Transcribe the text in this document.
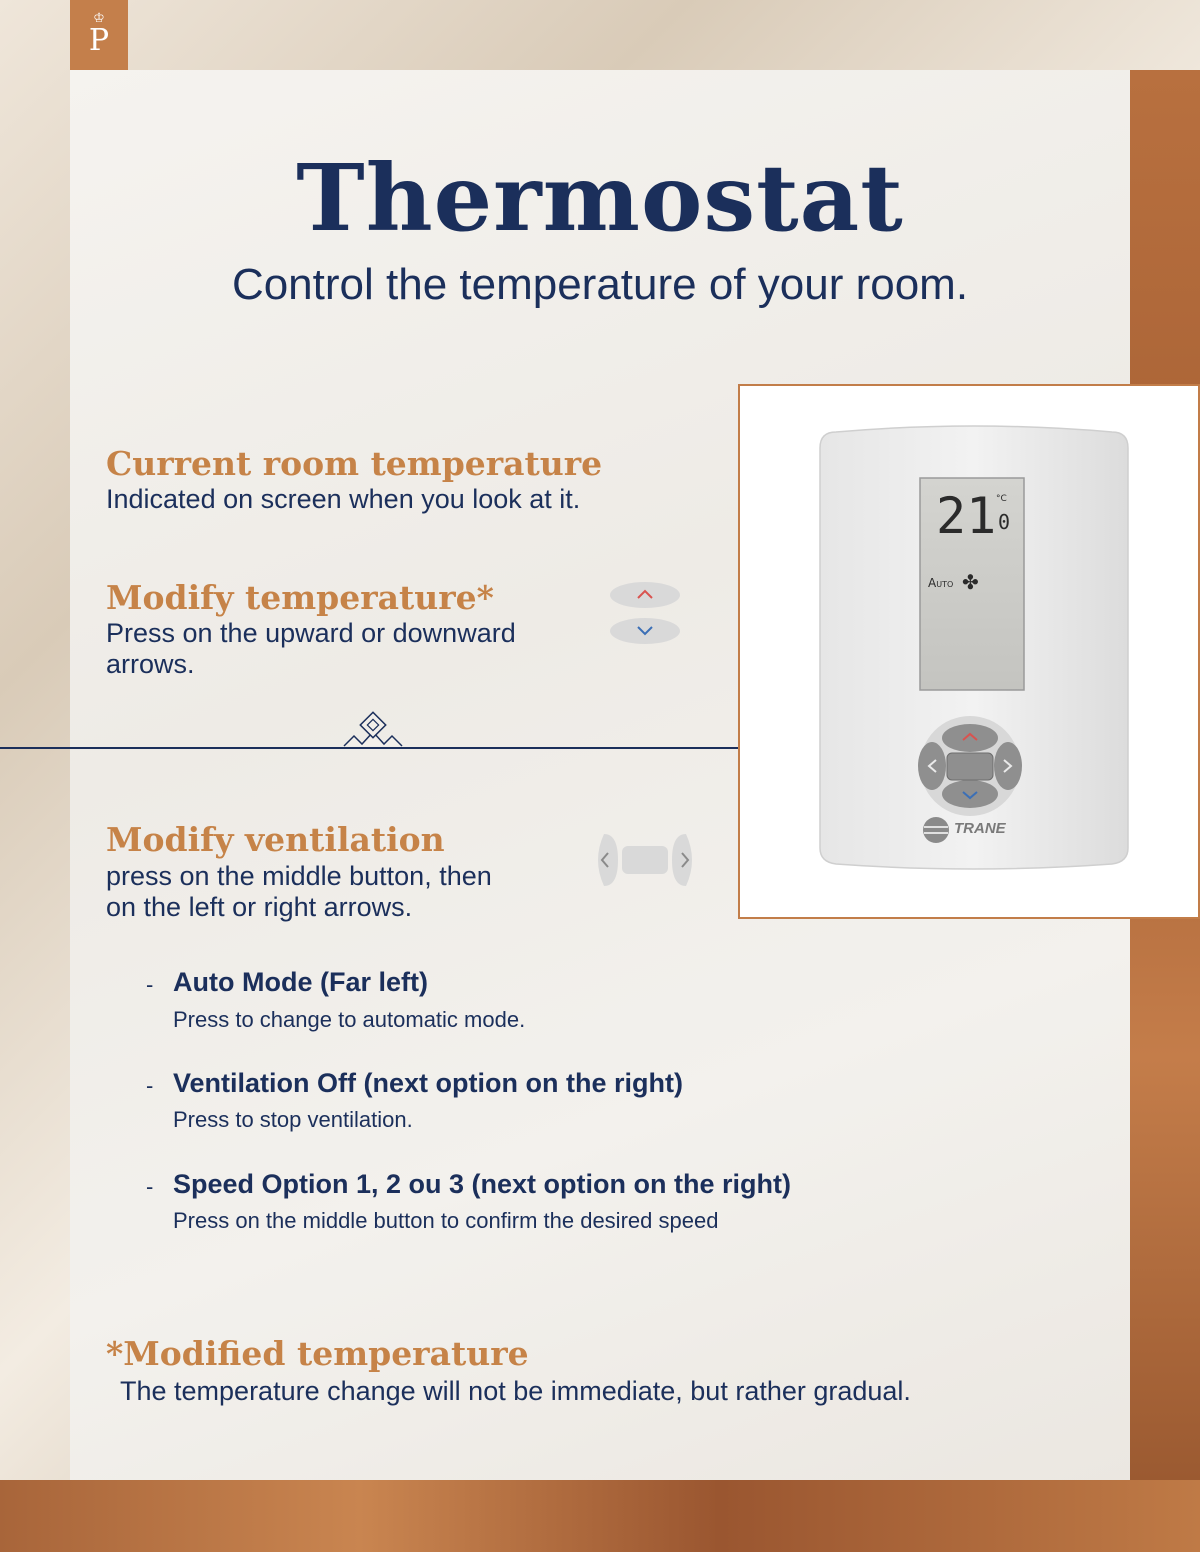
♔
P
Thermostat
Control the temperature of your room.
Current room temperature
Indicated on screen when you look at it.
Modify temperature*
Press on the upward or downward
arrows.
Modify ventilation
press on the middle button, then
on the left or right arrows.
21 0
°C
Auto ✤
TRANE
- Auto Mode (Far left)
Press to change to automatic mode.
- Ventilation Off (next option on the right)
Press to stop ventilation.
- Speed Option 1, 2 ou 3 (next option on the right)
Press on the middle button to confirm the desired speed
*Modified temperature
The temperature change will not be immediate, but rather gradual.
